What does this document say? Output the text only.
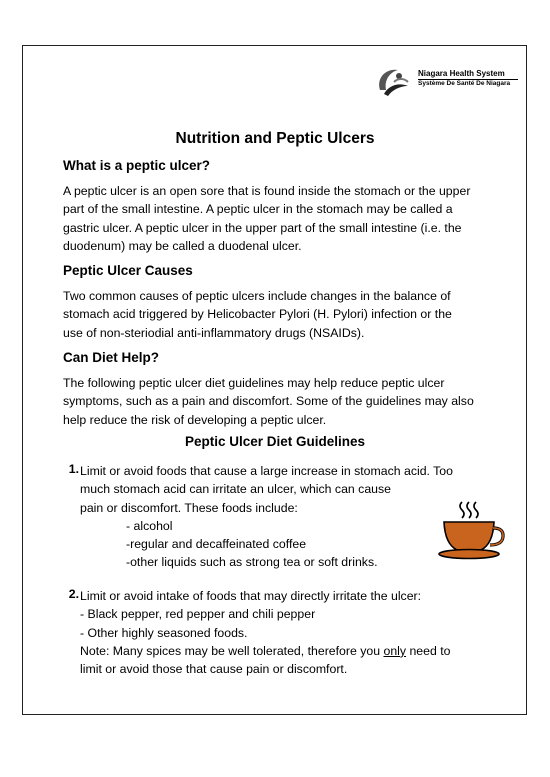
Niagara Health System
Système De Santé De Niagara
Nutrition and Peptic Ulcers
What is a peptic ulcer?
A peptic ulcer is an open sore that is found inside the stomach or the upper
part of the small intestine. A peptic ulcer in the stomach may be called a
gastric ulcer. A peptic ulcer in the upper part of the small intestine (i.e. the
duodenum) may be called a duodenal ulcer.
Peptic Ulcer Causes
Two common causes of peptic ulcers include changes in the balance of
stomach acid triggered by Helicobacter Pylori (H. Pylori) infection or the
use of non-steriodial anti-inflammatory drugs (NSAIDs).
Can Diet Help?
The following peptic ulcer diet guidelines may help reduce peptic ulcer
symptoms, such as a pain and discomfort. Some of the guidelines may also
help reduce the risk of developing a peptic ulcer.
Peptic Ulcer Diet Guidelines
1. Limit or avoid foods that cause a large increase in stomach acid. Too
much stomach acid can irritate an ulcer, which can cause
pain or discomfort. These foods include:
- alcohol
-regular and decaffeinated coffee
-other liquids such as strong tea or soft drinks.
2. Limit or avoid intake of foods that may directly irritate the ulcer:
- Black pepper, red pepper and chili pepper
- Other highly seasoned foods.
Note: Many spices may be well tolerated, therefore you only need to
limit or avoid those that cause pain or discomfort.
